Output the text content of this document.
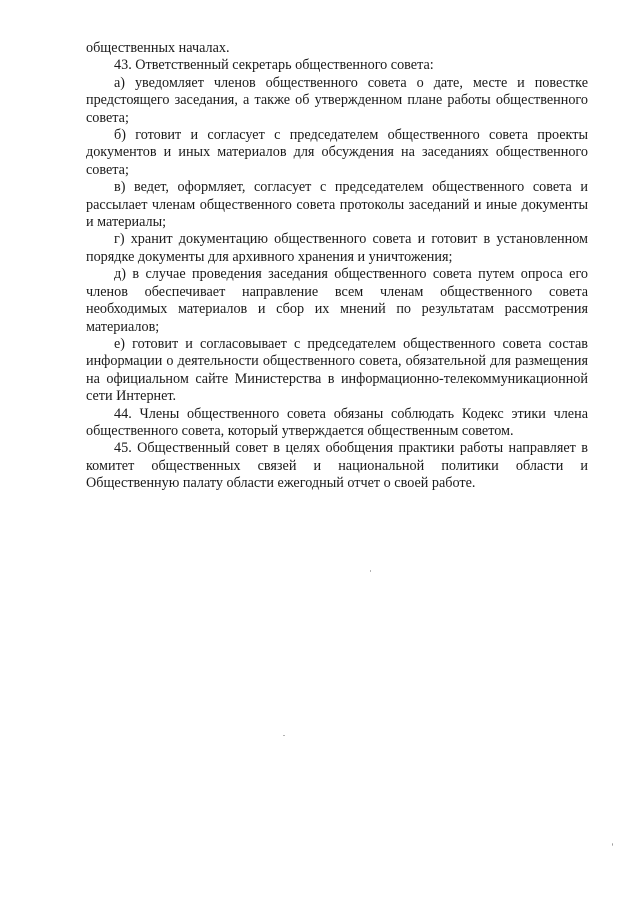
общественных началах.

43. Ответственный секретарь общественного совета:

а) уведомляет членов общественного совета о дате, месте и повестке предстоящего заседания, а также об утвержденном плане работы общественного совета;

б) готовит и согласует с председателем общественного совета проекты документов и иных материалов для обсуждения на заседаниях общественного совета;

в) ведет, оформляет, согласует с председателем общественного совета и рассылает членам общественного совета протоколы заседаний и иные документы и материалы;

г) хранит документацию общественного совета и готовит в установленном порядке документы для архивного хранения и уничтожения;

д) в случае проведения заседания общественного совета путем опроса его членов обеспечивает направление всем членам общественного совета необходимых материалов и сбор их мнений по результатам рассмотрения материалов;

е) готовит и согласовывает с председателем общественного совета состав информации о деятельности общественного совета, обязательной для размещения на официальном сайте Министерства в информационно-телекоммуникационной сети Интернет.

44. Члены общественного совета обязаны соблюдать Кодекс этики члена общественного совета, который утверждается общественным советом.

45. Общественный совет в целях обобщения практики работы направляет в комитет общественных связей и национальной политики области и Общественную палату области ежегодный отчет о своей работе.
